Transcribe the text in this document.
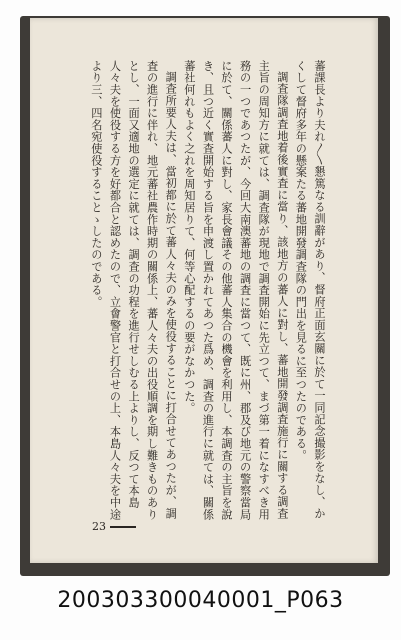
蕃課長より夫れ〳〵懇篤なる訓辭があり、督府正面玄關に於て一同記念撮影をなし、かくして督府多年の懸案たる蕃地開發調査隊の門出を見るに至つたのである。

調査隊調査地着後實査に當り、該地方の蕃人に對し、蕃地開發調査施行に關する調査主旨の周知方に就ては、調査隊が現地で調査開始に先立つて、まづ第一着になすべき用務の一つであつたが、今回大南澳蕃地の調査に當つて、既に州、郡及び地元の警察當局に於て、關係蕃人に對し、家長會議その他蕃人集合の機會を利用し、本調査の主旨を說き、且つ近く實査開始する旨を申渡し置かれてあつた爲め、調査の進行に就ては、關係蕃社何れもよく之れを周知居りて、何等心配するの要がなかつた。

調査所要人夫は、當初都に於て蕃人々夫のみを使役することに打合せてあつたが、調査の進行に伴れ、地元蕃社農作時期の關係上、蕃人々夫の出役順調を期し難きものありとし、一面又適地の選定に就ては、調査の功程を進行せしむる上よりし、反つて本島人々夫を使役する方を好都合と認めたので、立會警官と打合せの上、本島人々夫を中途より三、四名宛使役することゝしたのである。

23
200303300040001_P063
